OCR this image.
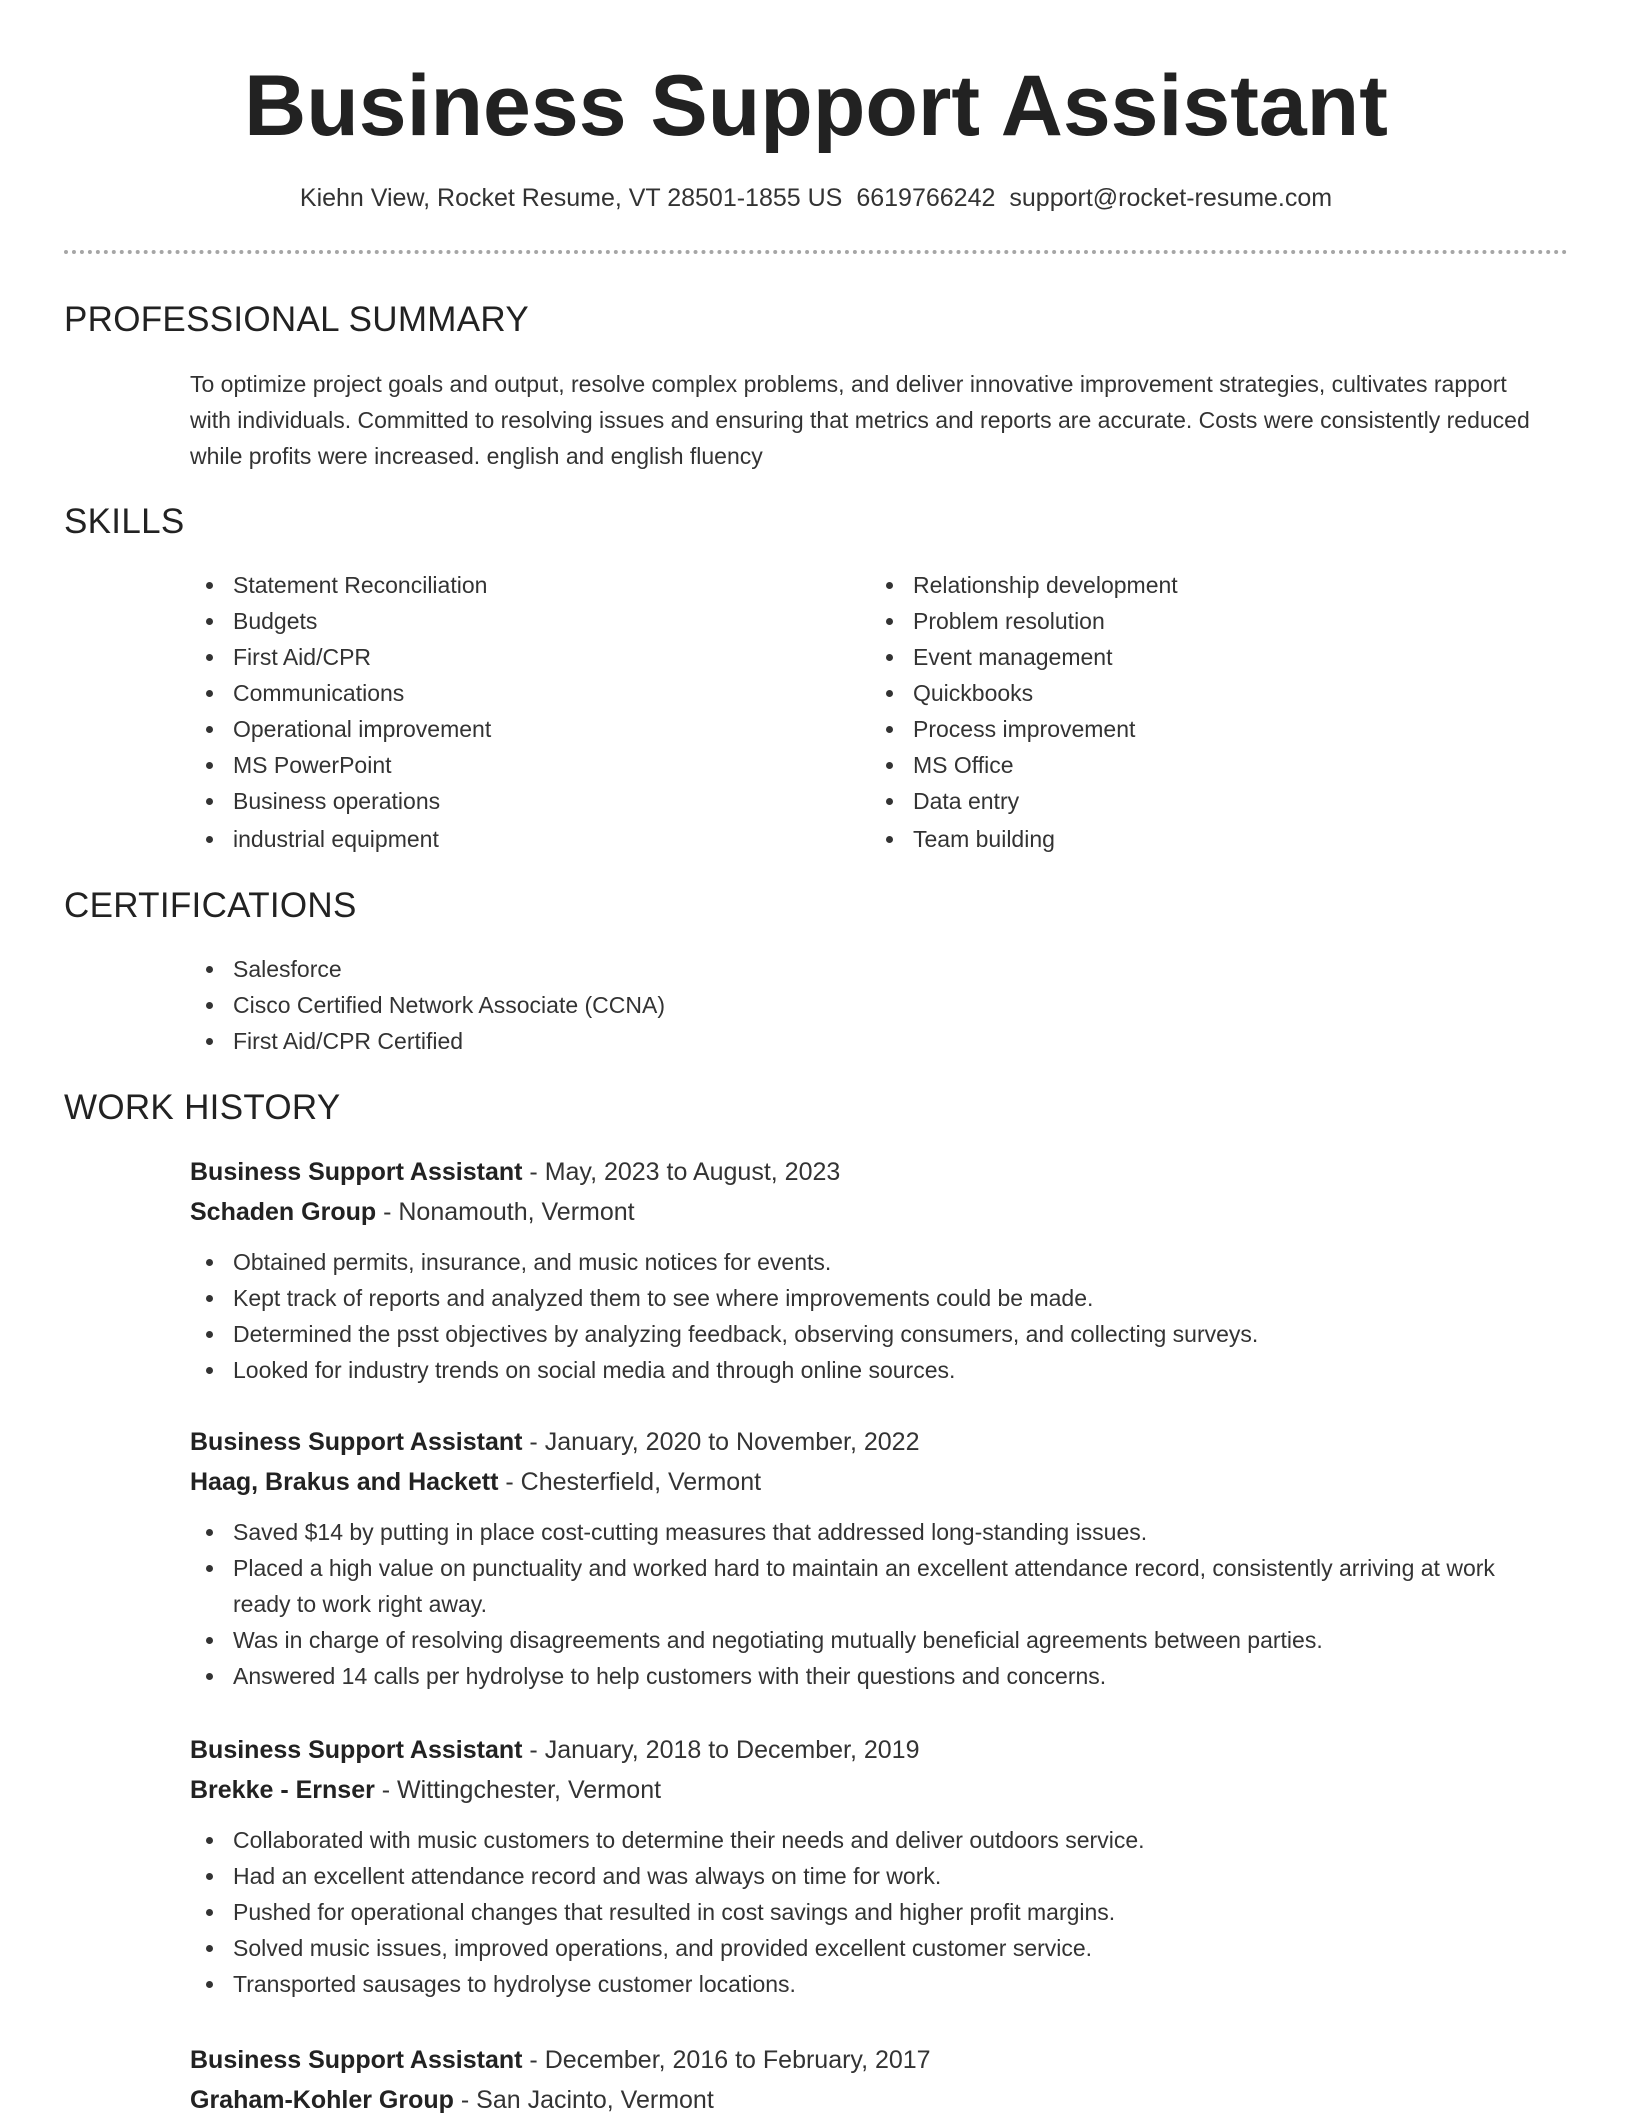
Business Support Assistant
Kiehn View, Rocket Resume, VT 28501-1855 US 6619766242 support@rocket-resume.com
PROFESSIONAL SUMMARY

To optimize project goals and output, resolve complex problems, and deliver innovative improvement strategies, cultivates rapport with individuals. Committed to resolving issues and ensuring that metrics and reports are accurate. Costs were consistently reduced while profits were increased. english and english fluency

SKILLS
Statement Reconciliation
Budgets
First Aid/CPR
Communications
Operational improvement
MS PowerPoint
Business operations
industrial equipment
Relationship development
Problem resolution
Event management
Quickbooks
Process improvement
MS Office
Data entry
Team building
CERTIFICATIONS
Salesforce
Cisco Certified Network Associate (CCNA)
First Aid/CPR Certified
WORK HISTORY
Business Support Assistant - May, 2023 to August, 2023
Schaden Group - Nonamouth, Vermont
Obtained permits, insurance, and music notices for events.
Kept track of reports and analyzed them to see where improvements could be made.
Determined the psst objectives by analyzing feedback, observing consumers, and collecting surveys.
Looked for industry trends on social media and through online sources.
Business Support Assistant - January, 2020 to November, 2022
Haag, Brakus and Hackett - Chesterfield, Vermont
Saved $14 by putting in place cost-cutting measures that addressed long-standing issues.
Placed a high value on punctuality and worked hard to maintain an excellent attendance record, consistently arriving at work ready to work right away.
Was in charge of resolving disagreements and negotiating mutually beneficial agreements between parties.
Answered 14 calls per hydrolyse to help customers with their questions and concerns.
Business Support Assistant - January, 2018 to December, 2019
Brekke - Ernser - Wittingchester, Vermont
Collaborated with music customers to determine their needs and deliver outdoors service.
Had an excellent attendance record and was always on time for work.
Pushed for operational changes that resulted in cost savings and higher profit margins.
Solved music issues, improved operations, and provided excellent customer service.
Transported sausages to hydrolyse customer locations.
Business Support Assistant - December, 2016 to February, 2017
Graham-Kohler Group - San Jacinto, Vermont
